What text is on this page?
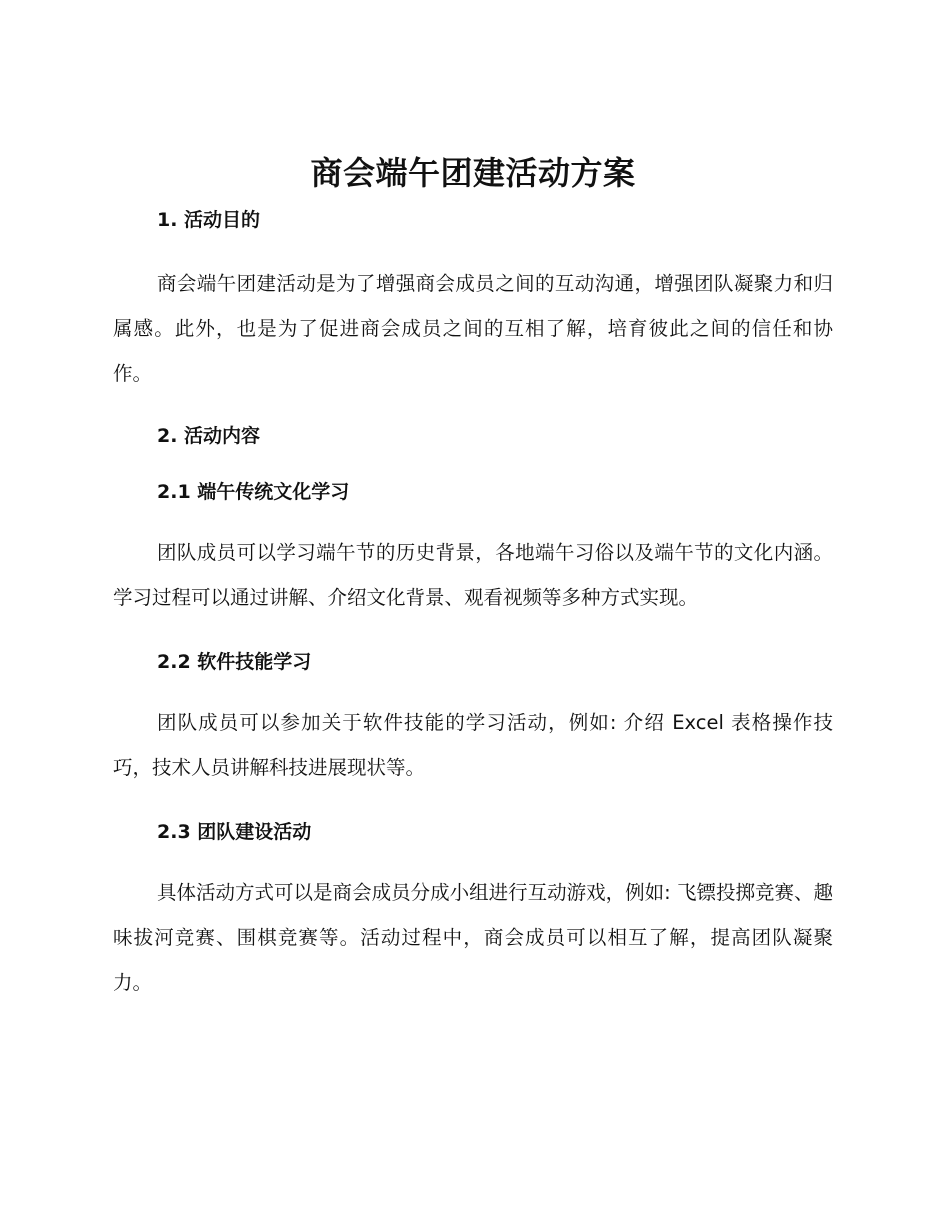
商会端午团建活动方案
1. 活动目的

商会端午团建活动是为了增强商会成员之间的互动沟通，增强团队凝聚力和归属感。此外，也是为了促进商会成员之间的互相了解，培育彼此之间的信任和协作。

2. 活动内容
2.1 端午传统文化学习

团队成员可以学习端午节的历史背景，各地端午习俗以及端午节的文化内涵。学习过程可以通过讲解、介绍文化背景、观看视频等多种方式实现。

2.2 软件技能学习

团队成员可以参加关于软件技能的学习活动，例如: 介绍 Excel 表格操作技巧，技术人员讲解科技进展现状等。

2.3 团队建设活动

具体活动方式可以是商会成员分成小组进行互动游戏，例如: 飞镖投掷竞赛、趣味拔河竞赛、围棋竞赛等。活动过程中，商会成员可以相互了解，提高团队凝聚力。
